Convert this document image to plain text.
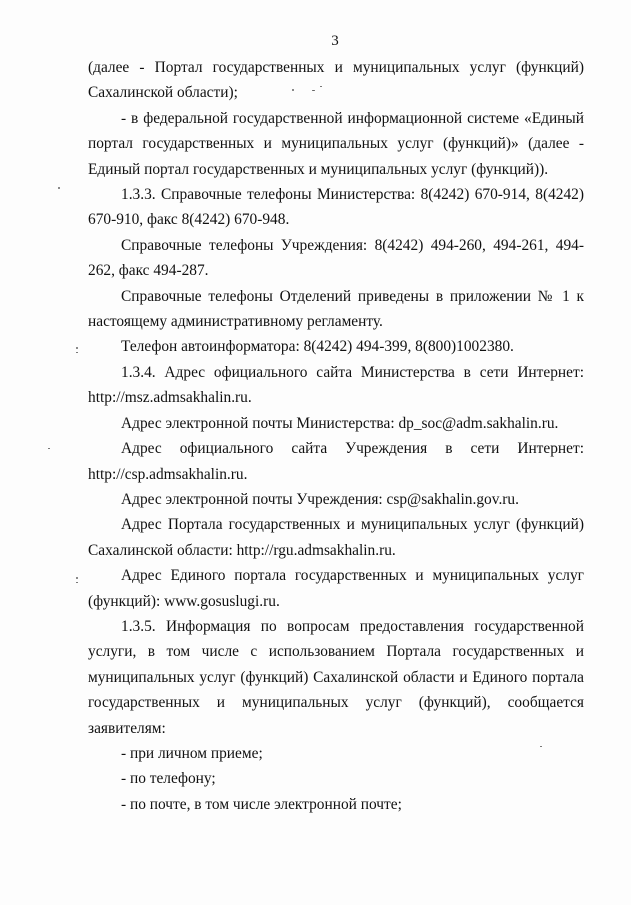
3

(далее - Портал государственных и муниципальных услуг (функций) Сахалинской области);

- в федеральной государственной информационной системе «Единый портал государственных и муниципальных услуг (функций)» (далее - Единый портал государственных и муниципальных услуг (функций)).

1.3.3. Справочные телефоны Министерства: 8(4242) 670-914, 8(4242) 670-910, факс 8(4242) 670-948.

Справочные телефоны Учреждения: 8(4242) 494-260, 494-261, 494-262, факс 494-287.

Справочные телефоны Отделений приведены в приложении № 1 к настоящему административному регламенту.

Телефон автоинформатора: 8(4242) 494-399, 8(800)1002380.

1.3.4. Адрес официального сайта Министерства в сети Интернет: http://msz.admsakhalin.ru.

Адрес электронной почты Министерства: dp_soc@adm.sakhalin.ru.

Адрес официального сайта Учреждения в сети Интернет: http://csp.admsakhalin.ru.

Адрес электронной почты Учреждения: csp@sakhalin.gov.ru.

Адрес Портала государственных и муниципальных услуг (функций) Сахалинской области: http://rgu.admsakhalin.ru.

Адрес Единого портала государственных и муниципальных услуг (функций): www.gosuslugi.ru.

1.3.5. Информация по вопросам предоставления государственной услуги, в том числе с использованием Портала государственных и муниципальных услуг (функций) Сахалинской области и Единого портала государственных и муниципальных услуг (функций), сообщается заявителям:

- при личном приеме;

- по телефону;

- по почте, в том числе электронной почте;
